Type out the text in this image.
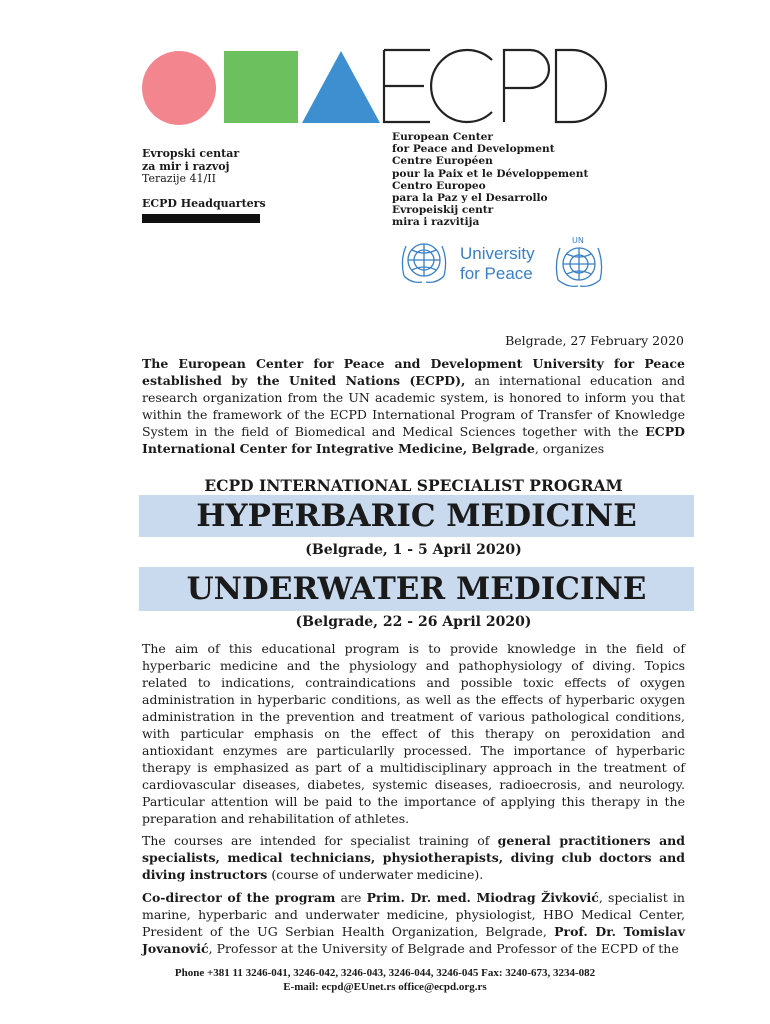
ECPD
Evropski centar
za mir i razvoj
Terazije 41/II
ECPD Headquarters
European Center
for Peace and Development
Centre Européen
pour la Paix et le Développement
Centro Europeo
para la Paz y el Desarrollo
Evropeiskij centr
mira i razvitija
University
for Peace
UN
Belgrade, 27 February 2020
The European Center for Peace and Development University for Peace established by the United Nations (ECPD), an international education and research organization from the UN academic system, is honored to inform you that within the framework of the ECPD International Program of Transfer of Knowledge System in the field of Biomedical and Medical Sciences together with the ECPD International Center for Integrative Medicine, Belgrade, organizes
ECPD INTERNATIONAL SPECIALIST PROGRAM
HYPERBARIC MEDICINE
(Belgrade, 1 - 5 April 2020)
UNDERWATER MEDICINE
(Belgrade, 22 - 26 April 2020)
The aim of this educational program is to provide knowledge in the field of hyperbaric medicine and the physiology and pathophysiology of diving. Topics related to indications, contraindications and possible toxic effects of oxygen administration in hyperbaric conditions, as well as the effects of hyperbaric oxygen administration in the prevention and treatment of various pathological conditions, with particular emphasis on the effect of this therapy on peroxidation and antioxidant enzymes are particularlly processed. The importance of hyperbaric therapy is emphasized as part of a multidisciplinary approach in the treatment of cardiovascular diseases, diabetes, systemic diseases, radioecrosis, and neurology. Particular attention will be paid to the importance of applying this therapy in the preparation and rehabilitation of athletes.
The courses are intended for specialist training of general practitioners and specialists, medical technicians, physiotherapists, diving club doctors and diving instructors (course of underwater medicine).
Co-director of the program are Prim. Dr. med. Miodrag Živković, specialist in marine, hyperbaric and underwater medicine, physiologist, HBO Medical Center, President of the UG Serbian Health Organization, Belgrade, Prof. Dr. Tomislav Jovanović, Professor at the University of Belgrade and Professor of the ECPD of the
Phone +381 11 3246-041, 3246-042, 3246-043, 3246-044, 3246-045 Fax: 3240-673, 3234-082
E-mail: ecpd@EUnet.rs office@ecpd.org.rs
